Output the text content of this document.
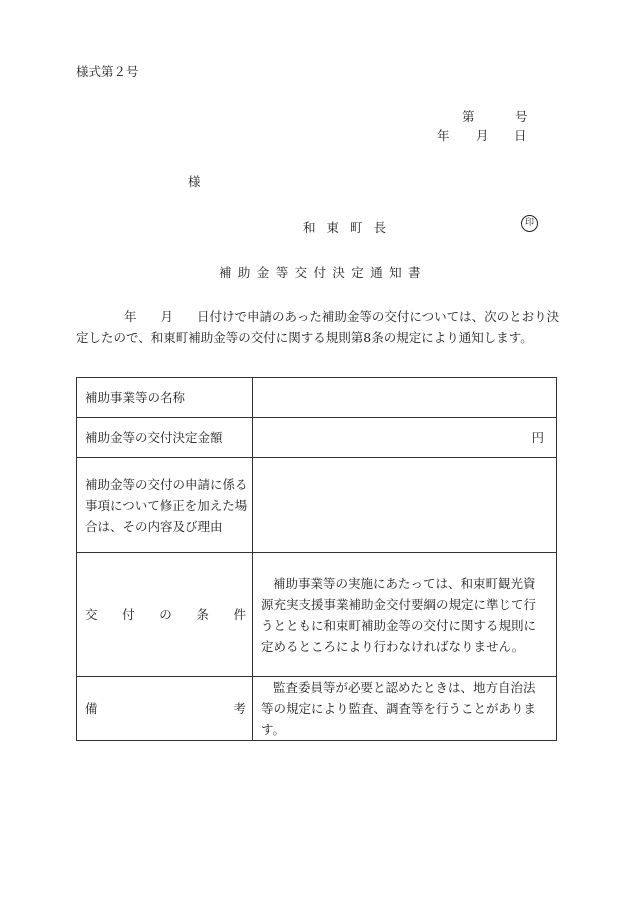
様式第２号
第	号
年 月 日
様
和東町長	印
補助金等交付決定通知書

年 月 日付けで申請のあった補助金等の交付については、次のとおり決

定したので、和東町補助金等の交付に関する規則第8条の規定により通知します。

補助事業等の名称	
補助金等の交付決定金額	円
補助金等の交付の申請に係る事項について修正を加えた場合は、その内容及び理由	

交 付 の 条 件	補助事業等の実施にあたっては、和束町観光資源充実支援事業補助金交付要綱の規定に準じて行うとともに和束町補助金等の交付に関する規則に定めるところにより行わなければなりません。

備 考	監査委員等が必要と認めたときは、地方自治法等の規定により監査、調査等を行うことがあります。
